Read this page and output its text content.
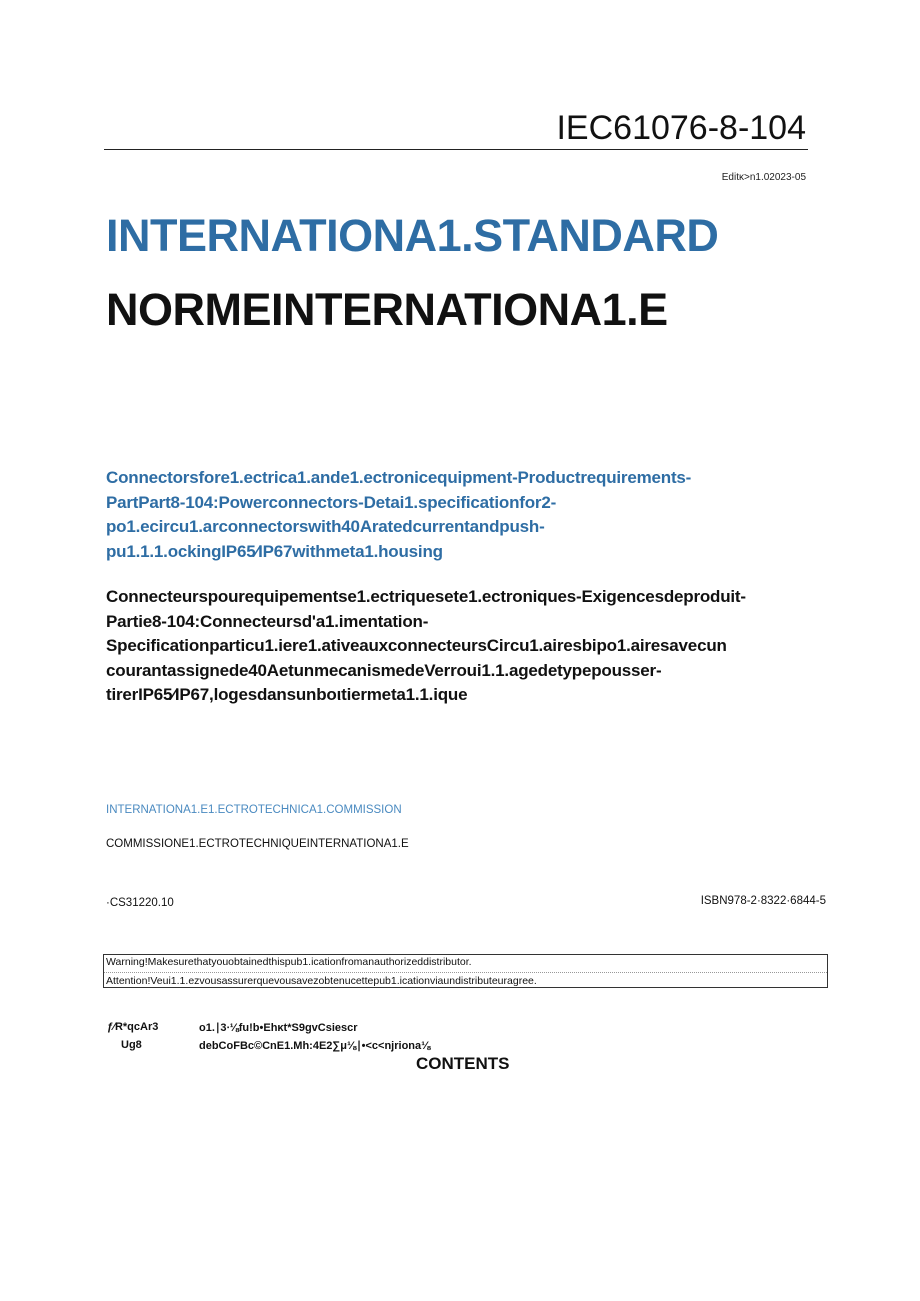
IEC61076-8-104
Editκ>n1.02023-05
INTERNATIONA1.STANDARD
NORMEINTERNATIONA1.E
Connectorsfore1.ectrica1.ande1.ectronicequipment-Productrequirements-
PartPart8-104:Powerconnectors-Detai1.specificationfor2-
po1.ecircu1.arconnectorswith40Aratedcurrentandpush-
pu1.1.1.ockingIP65∕IP67withmeta1.housing
Connecteurspourequipementse1.ectriquesete1.ectroniques-Exigencesdeproduit-
Partie8-104:Connecteursd'a1.imentation-
Specificationparticu1.iere1.ativeauxconnecteursCircu1.airesbipo1.airesavecun
courantassignede40AetunmecanismedeVerroui1.1.agedetypepousser-
tirerIP65∕IP67,logesdansunboιtiermeta1.1.ique
INTERNATIONA1.E1.ECTROTECHNICA1.COMMISSION
COMMISSIONE1.ECTROTECHNIQUEINTERNATIONA1.E
·CS31220.10	ISBN978-2·8322·6844-5
Warning!Makesurethatyouobtainedthispub1.icationfromanauthorizeddistributor.
Attention!Veui1.1.ezvousassurerquevousavezobtenucettepub1.icationviaundistributeuragree.
ƒ∕R*qcAr3	o1.∣3∙⅛fu!b•Ehκt*S9gvCsiescr
Ug8	debCoFBc©CnE1.Mh:4E2∑μ⅛∣•<c<njriona⅛
CONTENTS
